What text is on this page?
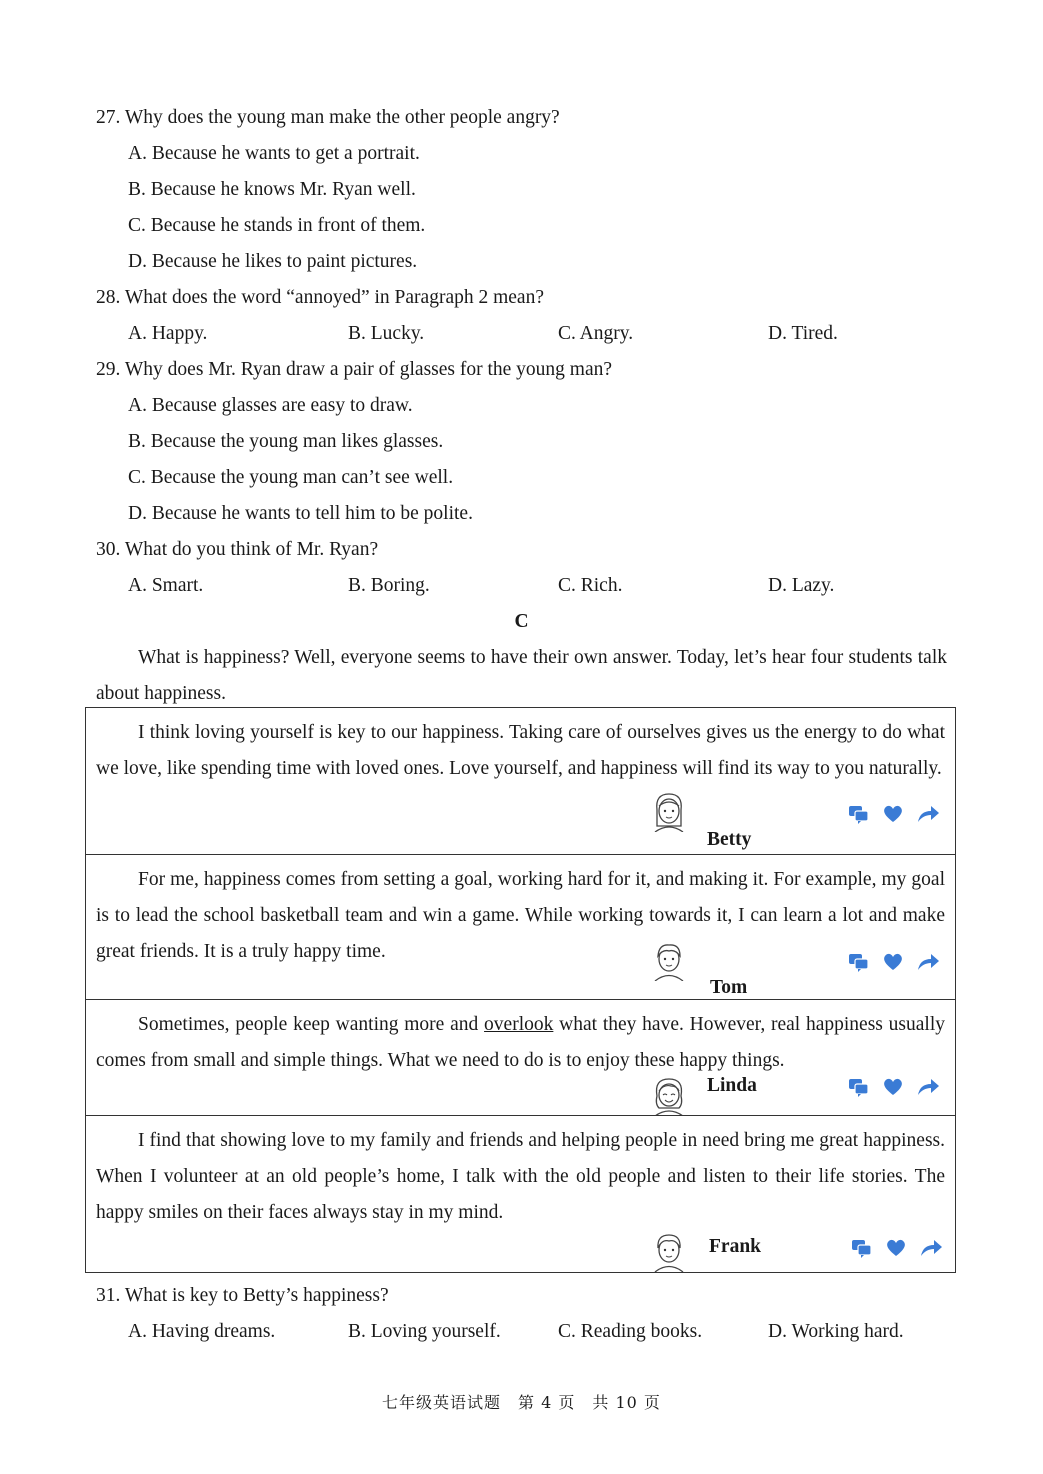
27. Why does the young man make the other people angry?
A. Because he wants to get a portrait.
B. Because he knows Mr. Ryan well.
C. Because he stands in front of them.
D. Because he likes to paint pictures.
28. What does the word “annoyed” in Paragraph 2 mean?
A. Happy.	B. Lucky.	C. Angry.	D. Tired.
29. Why does Mr. Ryan draw a pair of glasses for the young man?
A. Because glasses are easy to draw.
B. Because the young man likes glasses.
C. Because the young man can’t see well.
D. Because he wants to tell him to be polite.
30. What do you think of Mr. Ryan?
A. Smart.	B. Boring.	C. Rich.	D. Lazy.
C
What is happiness? Well, everyone seems to have their own answer. Today, let’s hear four students talk about happiness.
I think loving yourself is key to our happiness. Taking care of ourselves gives us the energy to do what we love, like spending time with loved ones. Love yourself, and happiness will find its way to you naturally.
Betty
For me, happiness comes from setting a goal, working hard for it, and making it. For example, my goal is to lead the school basketball team and win a game. While working towards it, I can learn a lot and make great friends. It is a truly happy time.
Tom
Sometimes, people keep wanting more and overlook what they have. However, real happiness usually comes from small and simple things. What we need to do is to enjoy these happy things.
Linda
I find that showing love to my family and friends and helping people in need bring me great happiness. When I volunteer at an old people’s home, I talk with the old people and listen to their life stories. The happy smiles on their faces always stay in my mind.
Frank
31. What is key to Betty’s happiness?
A. Having dreams.	B. Loving yourself.	C. Reading books.	D. Working hard.
七年级英语试题　第 4 页　共 10 页
